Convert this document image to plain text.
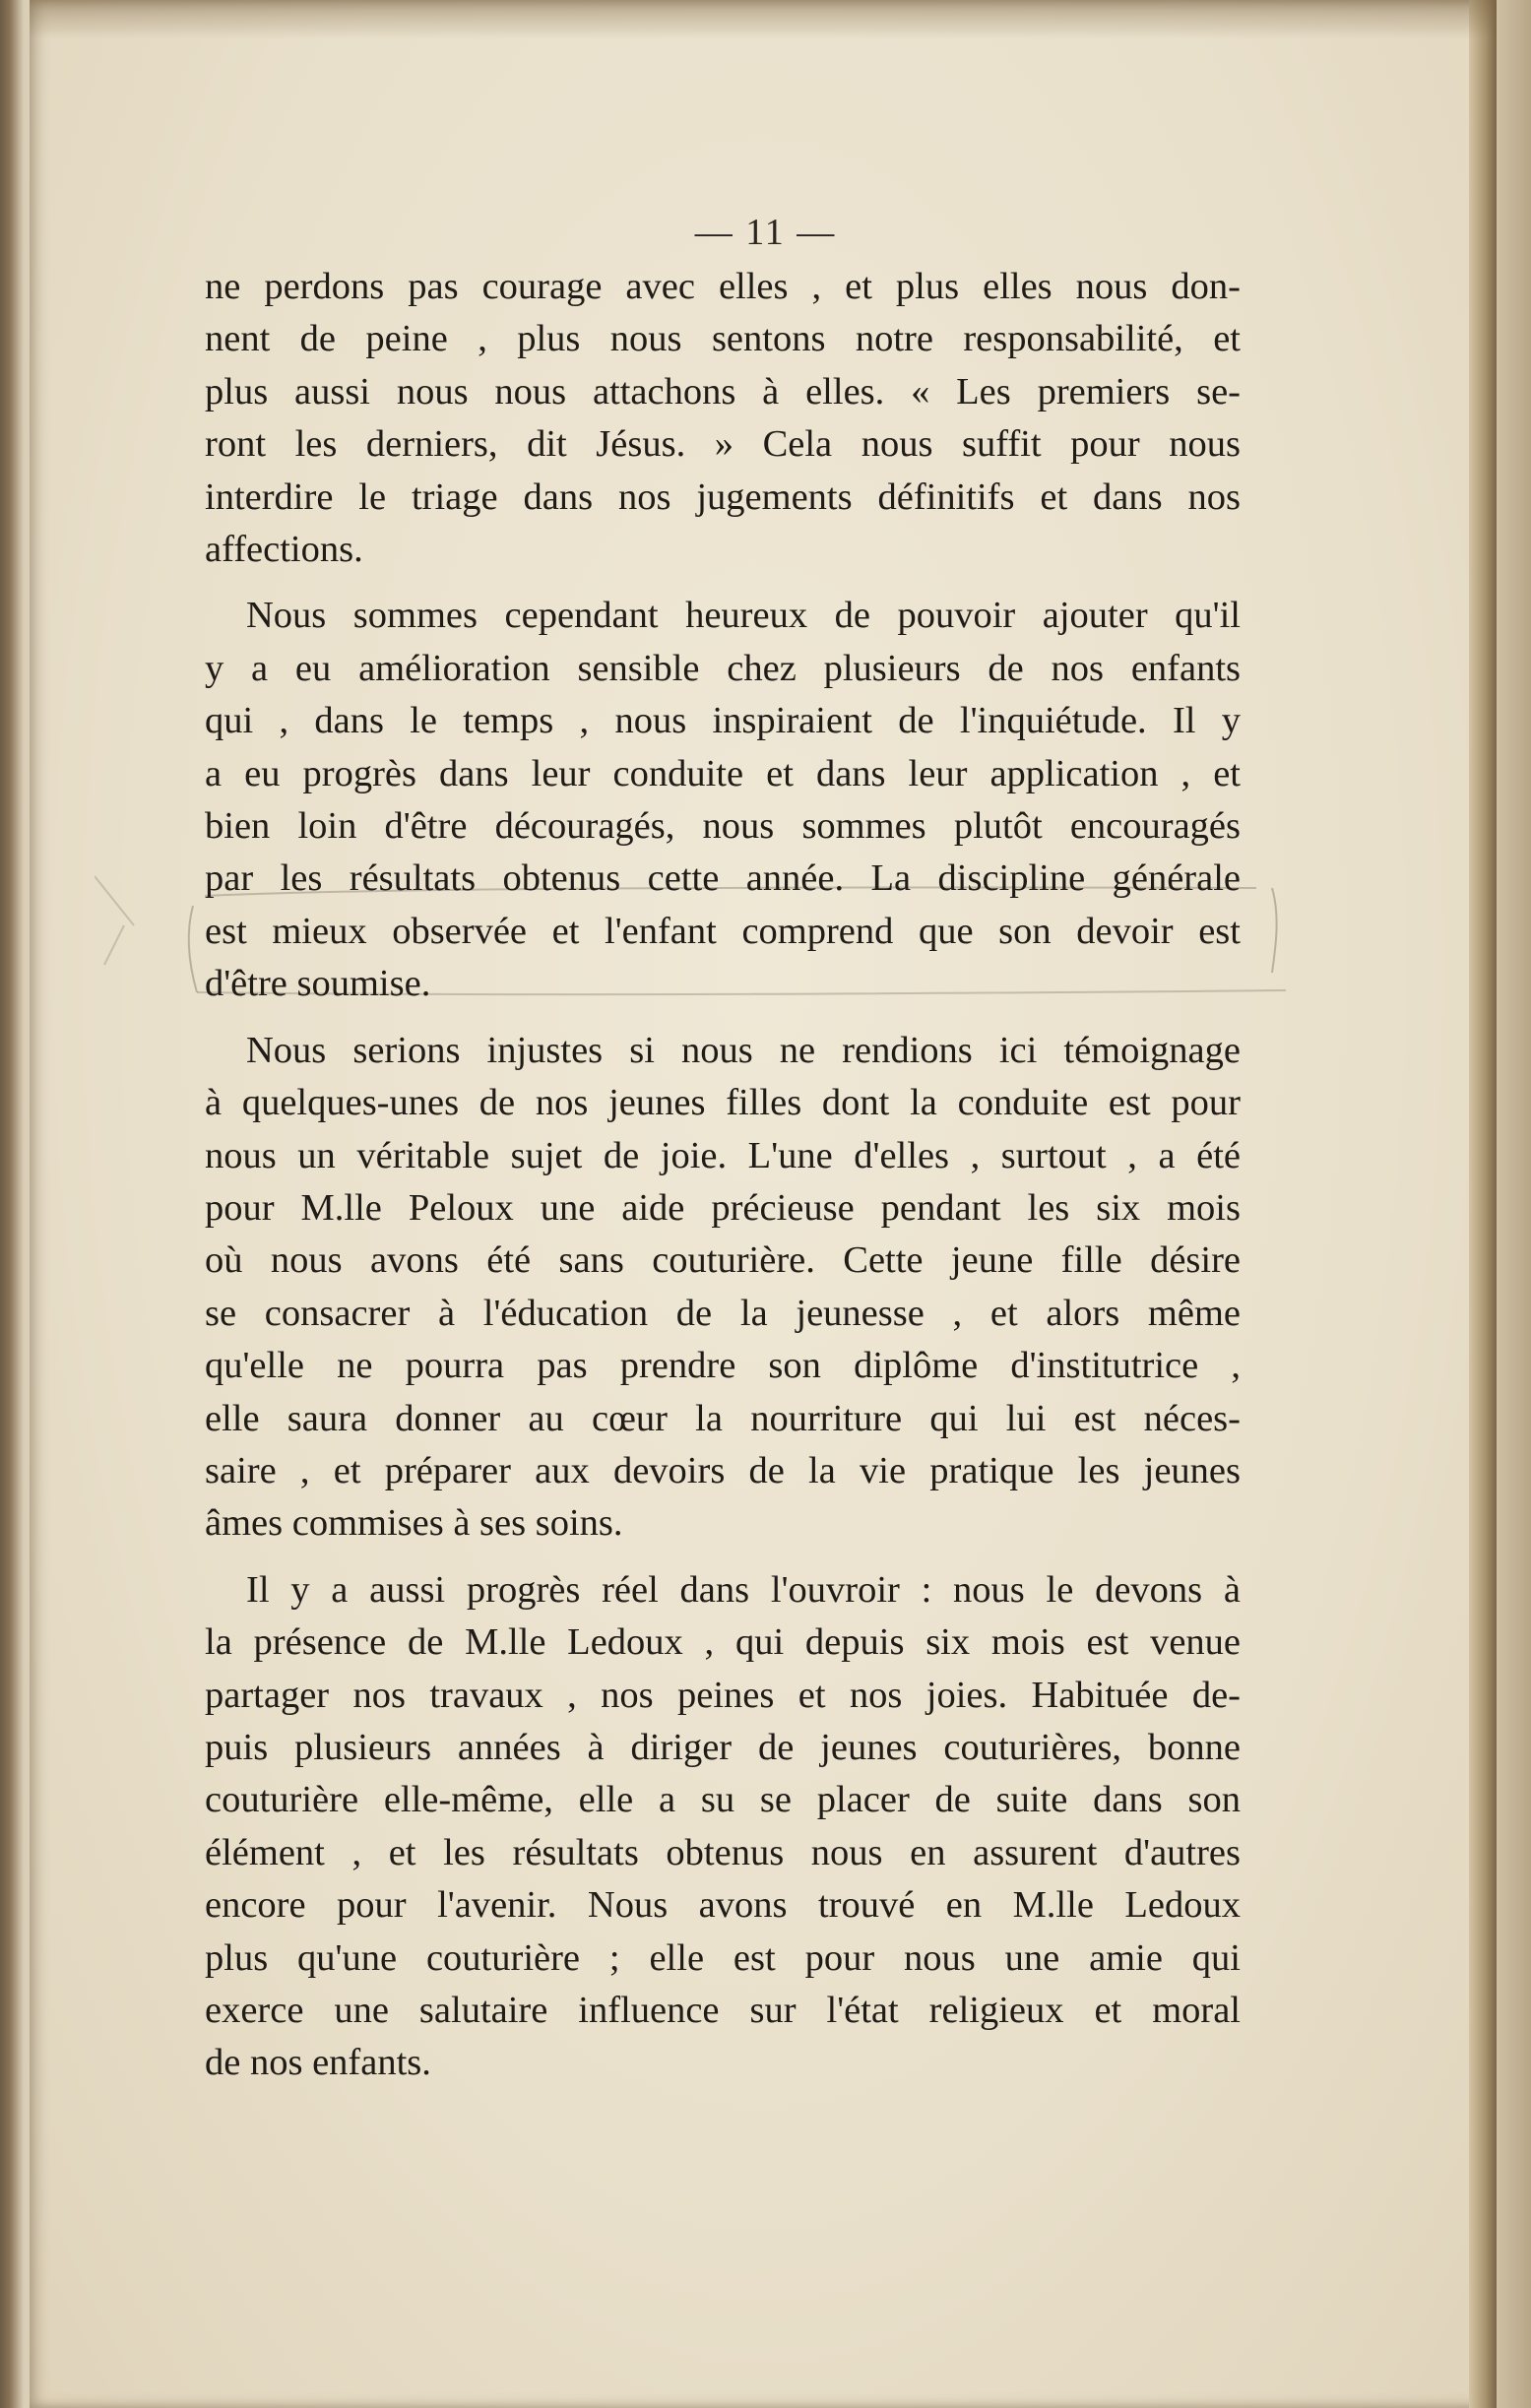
— 11 —
ne perdons pas courage avec elles , et plus elles nous don-
nent de peine , plus nous sentons notre responsabilité, et
plus aussi nous nous attachons à elles. « Les premiers se-
ront les derniers, dit Jésus. » Cela nous suffit pour nous
interdire le triage dans nos jugements définitifs et dans nos
affections.
Nous sommes cependant heureux de pouvoir ajouter qu'il
y a eu amélioration sensible chez plusieurs de nos enfants
qui , dans le temps , nous inspiraient de l'inquiétude. Il y
a eu progrès dans leur conduite et dans leur application , et
bien loin d'être découragés, nous sommes plutôt encouragés
par les résultats obtenus cette année. La discipline générale
est mieux observée et l'enfant comprend que son devoir est
d'être soumise.
Nous serions injustes si nous ne rendions ici témoignage
à quelques-unes de nos jeunes filles dont la conduite est pour
nous un véritable sujet de joie. L'une d'elles , surtout , a été
pour M.lle Peloux une aide précieuse pendant les six mois
où nous avons été sans couturière. Cette jeune fille désire
se consacrer à l'éducation de la jeunesse , et alors même
qu'elle ne pourra pas prendre son diplôme d'institutrice ,
elle saura donner au cœur la nourriture qui lui est néces-
saire , et préparer aux devoirs de la vie pratique les jeunes
âmes commises à ses soins.
Il y a aussi progrès réel dans l'ouvroir : nous le devons à
la présence de M.lle Ledoux , qui depuis six mois est venue
partager nos travaux , nos peines et nos joies. Habituée de-
puis plusieurs années à diriger de jeunes couturières, bonne
couturière elle-même, elle a su se placer de suite dans son
élément , et les résultats obtenus nous en assurent d'autres
encore pour l'avenir. Nous avons trouvé en M.lle Ledoux
plus qu'une couturière ; elle est pour nous une amie qui
exerce une salutaire influence sur l'état religieux et moral
de nos enfants.
